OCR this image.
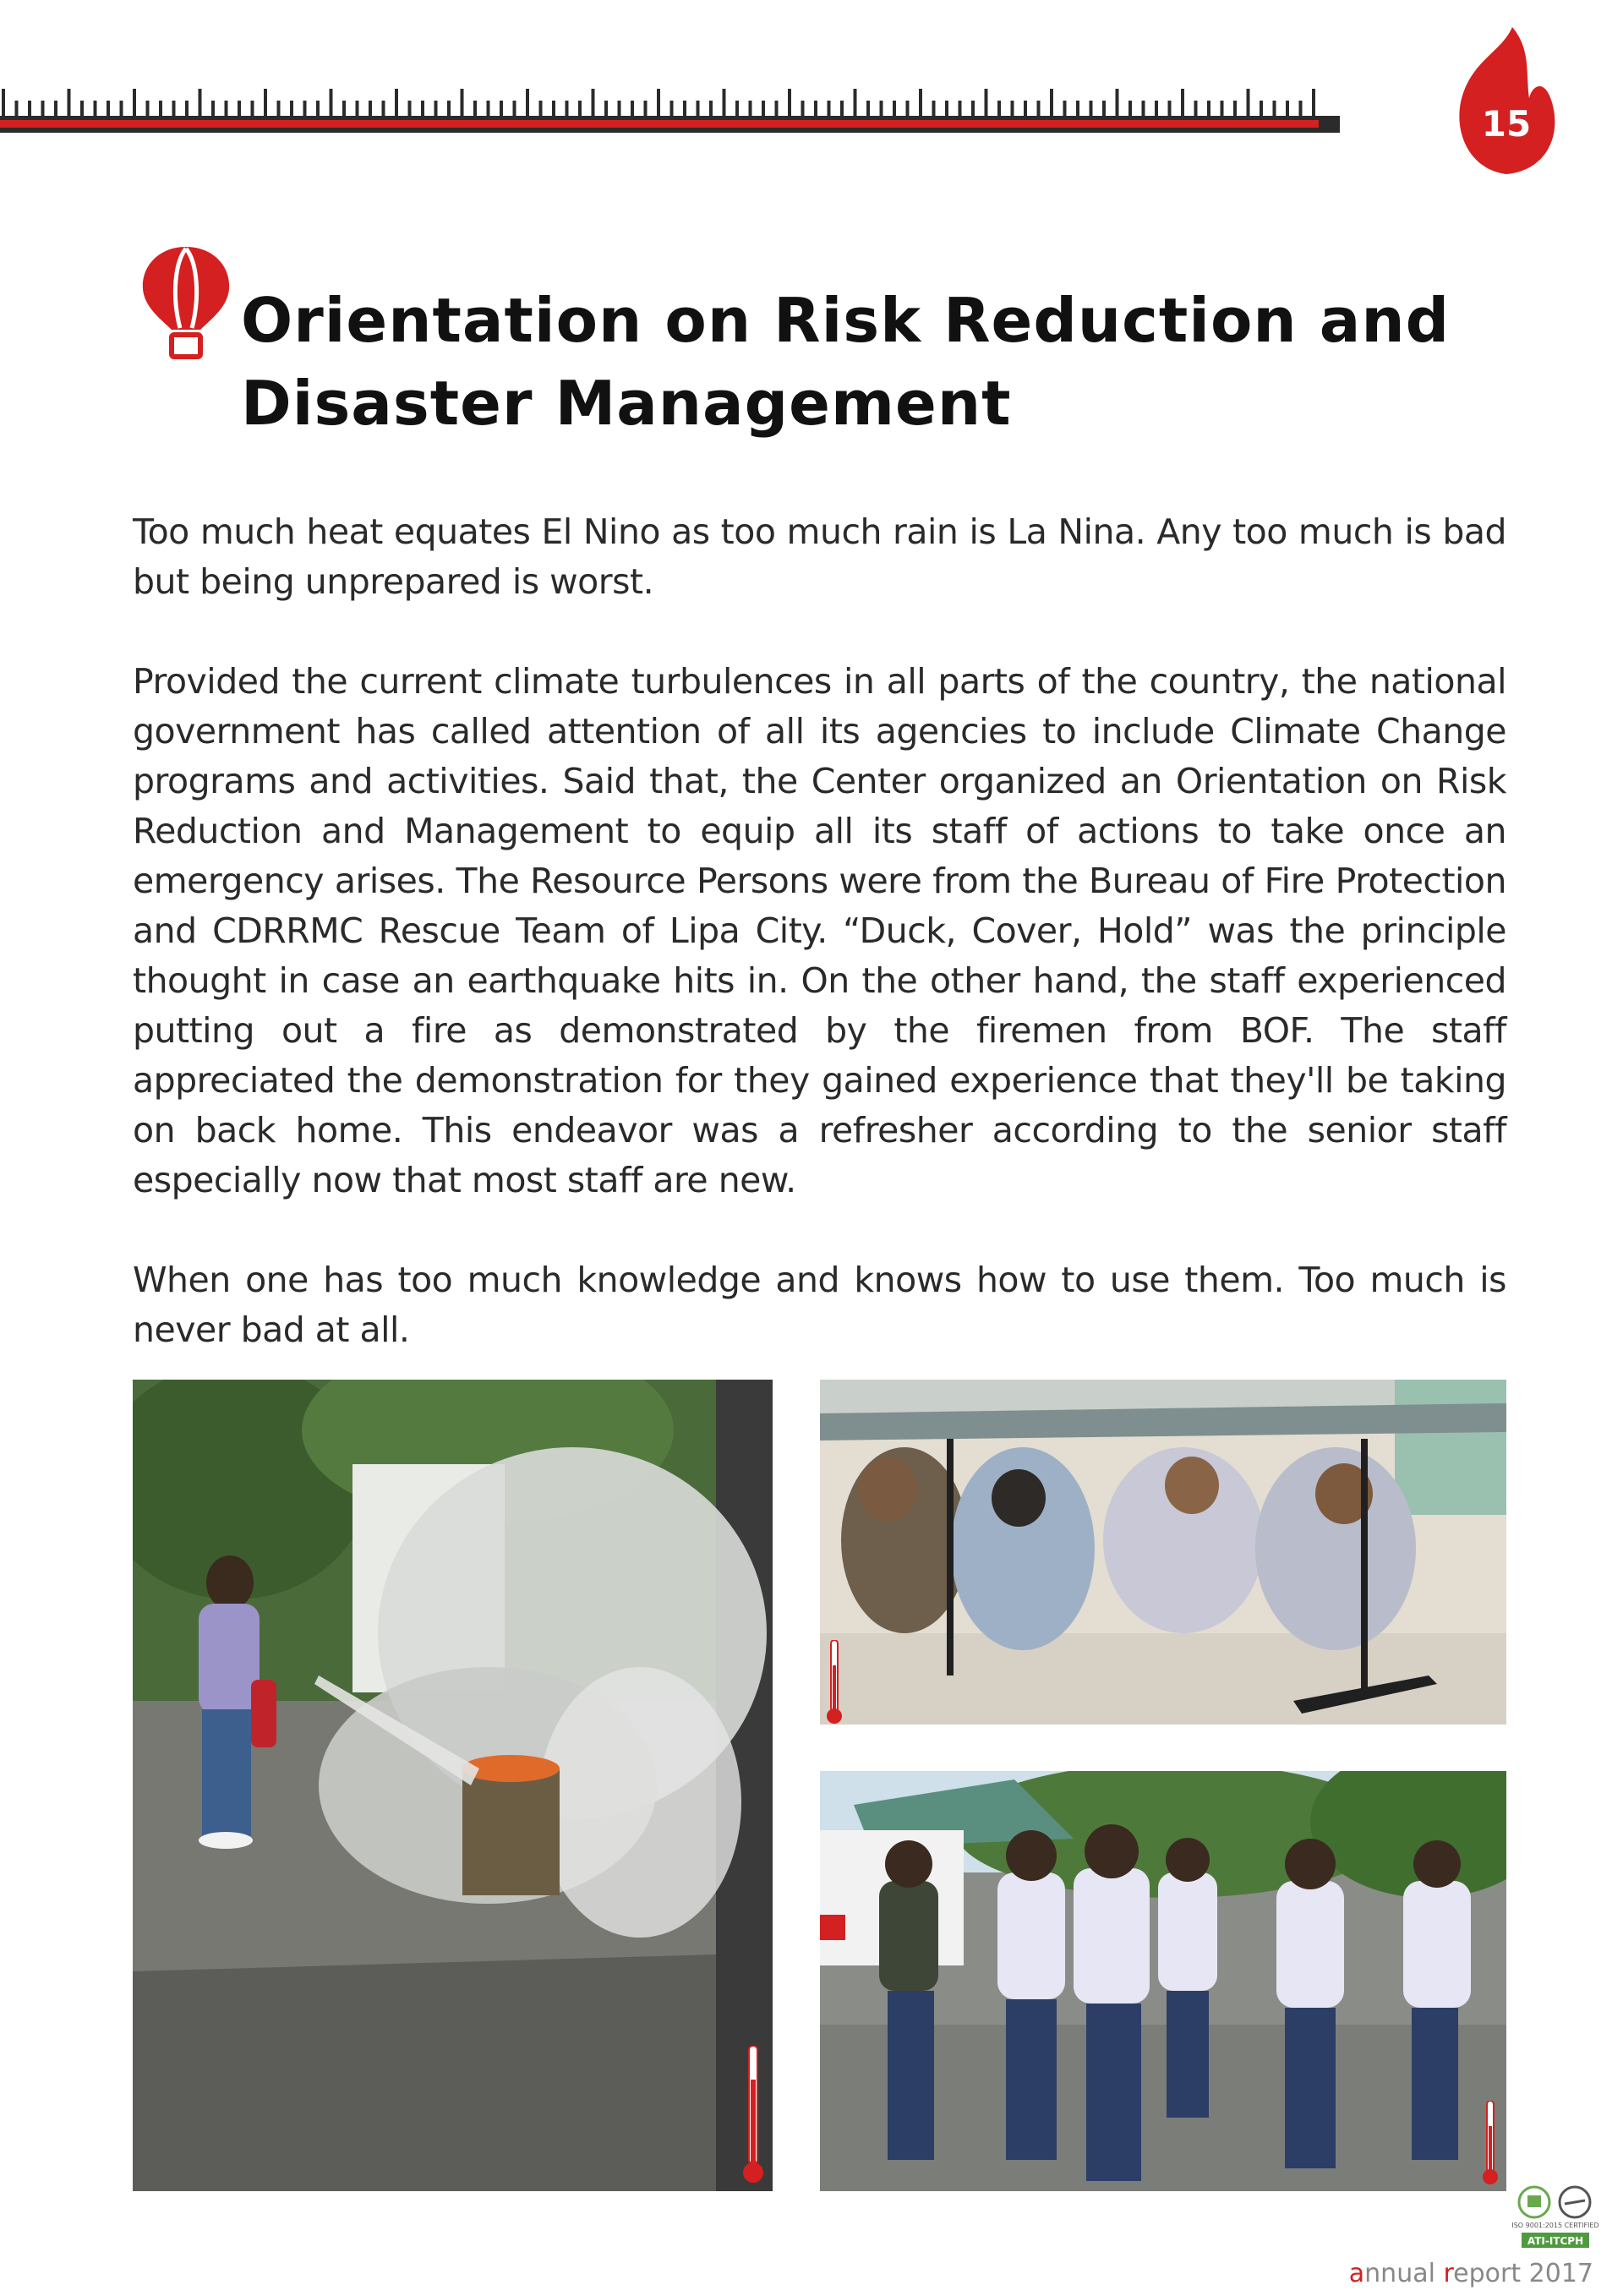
15
Orientation on Risk Reduction and
Disaster Management

Too much heat equates El Nino as too much rain is La Nina. Any too much is bad but being unprepared is worst.

Provided the current climate turbulences in all parts of the country, the national government has called attention of all its agencies to include Climate Change programs and activities. Said that, the Center organized an Orientation on Risk Reduction and Management to equip all its staff of actions to take once an emergency arises. The Resource Persons were from the Bureau of Fire Protection and CDRRMC Rescue Team of Lipa City. “Duck, Cover, Hold” was the principle thought in case an earthquake hits in. On the other hand, the staff experienced putting out a fire as demonstrated by the firemen from BOF. The staff appreciated the demonstration for they gained experience that they'll be taking on back home. This endeavor was a refresher according to the senior staff especially now that most staff are new.

When one has too much knowledge and knows how to use them. Too much is never bad at all.

ISO 9001:2015 CERTIFIED
ATI-ITCPH
annual report 2017
